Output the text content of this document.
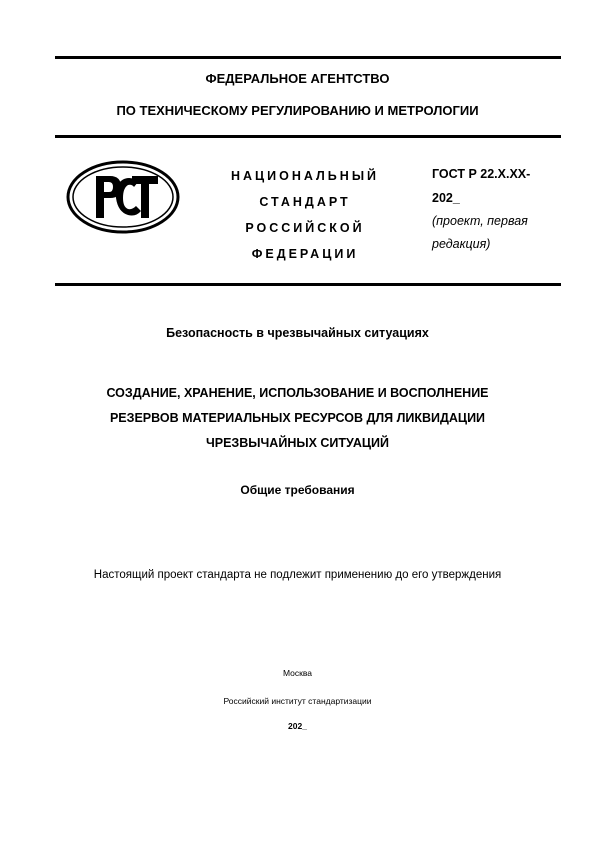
ФЕДЕРАЛЬНОЕ АГЕНТСТВО
ПО ТЕХНИЧЕСКОМУ РЕГУЛИРОВАНИЮ И МЕТРОЛОГИИ
НАЦИОНАЛЬНЫЙ
СТАНДАРТ
РОССИЙСКОЙ
ФЕДЕРАЦИИ
ГОСТ Р 22.Х.ХХ-
202_
(проект, первая
редакция)
Безопасность в чрезвычайных ситуациях
СОЗДАНИЕ, ХРАНЕНИЕ, ИСПОЛЬЗОВАНИЕ И ВОСПОЛНЕНИЕ
РЕЗЕРВОВ МАТЕРИАЛЬНЫХ РЕСУРСОВ ДЛЯ ЛИКВИДАЦИИ
ЧРЕЗВЫЧАЙНЫХ СИТУАЦИЙ
Общие требования
Настоящий проект стандарта не подлежит применению до его утверждения
Москва
Российский институт стандартизации
202_
